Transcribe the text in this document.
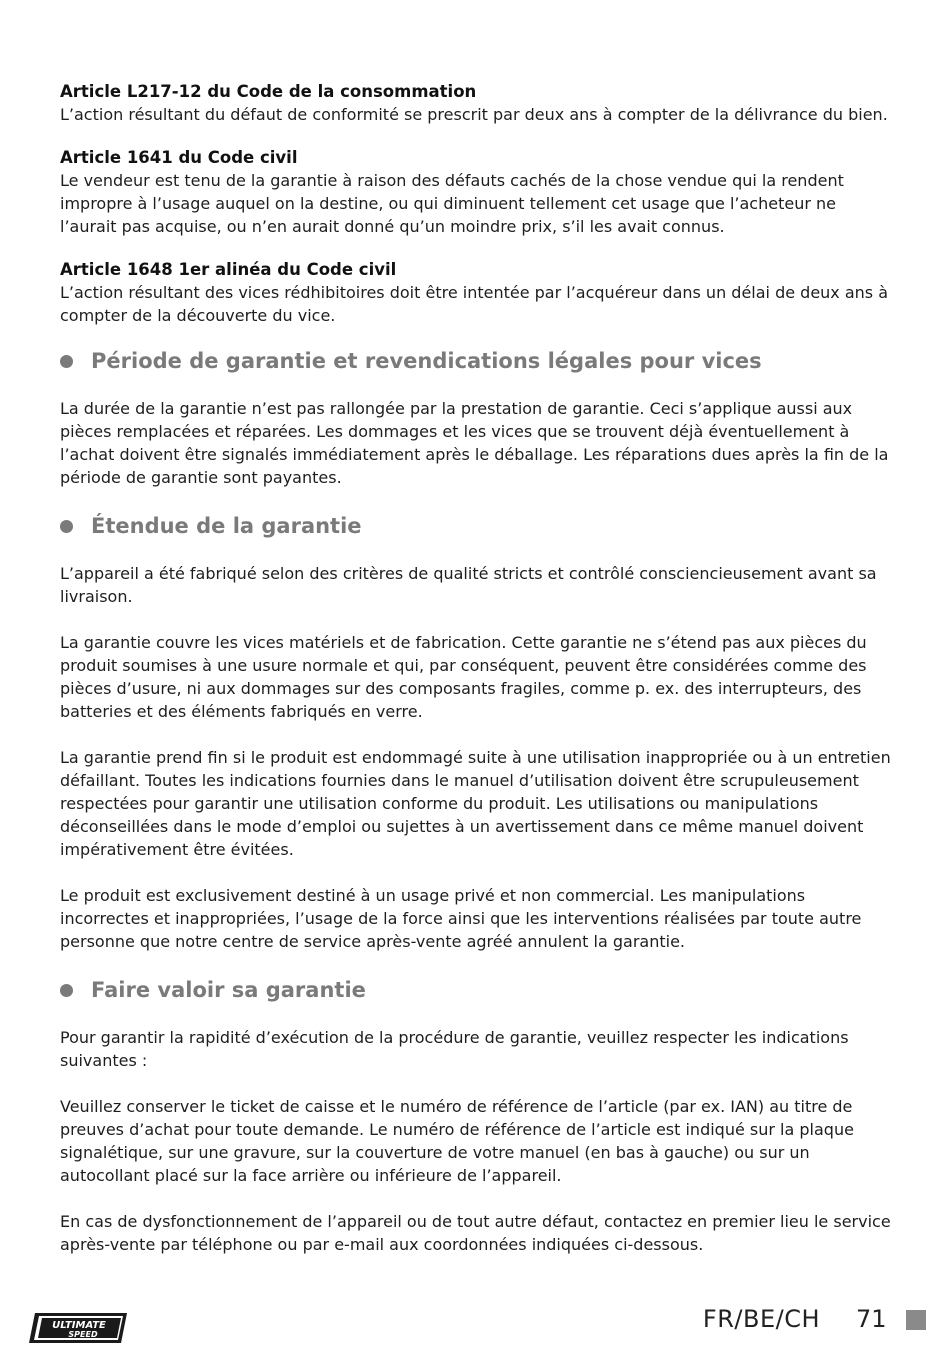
Article L217-12 du Code de la consommation

L’action résultant du défaut de conformité se prescrit par deux ans à compter de la délivrance du bien.

Article 1641 du Code civil

Le vendeur est tenu de la garantie à raison des défauts cachés de la chose vendue qui la rendent impropre à l’usage auquel on la destine, ou qui diminuent tellement cet usage que l’acheteur ne l’aurait pas acquise, ou n’en aurait donné qu’un moindre prix, s’il les avait connus.

Article 1648 1er alinéa du Code civil

L’action résultant des vices rédhibitoires doit être intentée par l’acquéreur dans un délai de deux ans à compter de la découverte du vice.

Période de garantie et revendications légales pour vices

La durée de la garantie n’est pas rallongée par la prestation de garantie. Ceci s’applique aussi aux pièces remplacées et réparées. Les dommages et les vices que se trouvent déjà éventuellement à l’achat doivent être signalés immédiatement après le déballage. Les réparations dues après la fin de la période de garantie sont payantes.

Étendue de la garantie

L’appareil a été fabriqué selon des critères de qualité stricts et contrôlé consciencieusement avant sa livraison.

La garantie couvre les vices matériels et de fabrication. Cette garantie ne s’étend pas aux pièces du produit soumises à une usure normale et qui, par conséquent, peuvent être considérées comme des pièces d’usure, ni aux dommages sur des composants fragiles, comme p. ex. des interrupteurs, des batteries et des éléments fabriqués en verre.

La garantie prend fin si le produit est endommagé suite à une utilisation inappropriée ou à un entretien défaillant. Toutes les indications fournies dans le manuel d’utilisation doivent être scrupuleusement respectées pour garantir une utilisation conforme du produit. Les utilisations ou manipulations déconseillées dans le mode d’emploi ou sujettes à un avertissement dans ce même manuel doivent impérativement être évitées.

Le produit est exclusivement destiné à un usage privé et non commercial. Les manipulations incorrectes et inappropriées, l’usage de la force ainsi que les interventions réalisées par toute autre personne que notre centre de service après-vente agréé annulent la garantie.

Faire valoir sa garantie

Pour garantir la rapidité d’exécution de la procédure de garantie, veuillez respecter les indications suivantes :

Veuillez conserver le ticket de caisse et le numéro de référence de l’article (par ex. IAN) au titre de preuves d’achat pour toute demande. Le numéro de référence de l’article est indiqué sur la plaque signalétique, sur une gravure, sur la couverture de votre manuel (en bas à gauche) ou sur un autocollant placé sur la face arrière ou inférieure de l’appareil.

En cas de dysfonctionnement de l’appareil ou de tout autre défaut, contactez en premier lieu le service après-vente par téléphone ou par e-mail aux coordonnées indiquées ci-dessous.

ULTIMATE
SPEED
FR/BE/CH 71
